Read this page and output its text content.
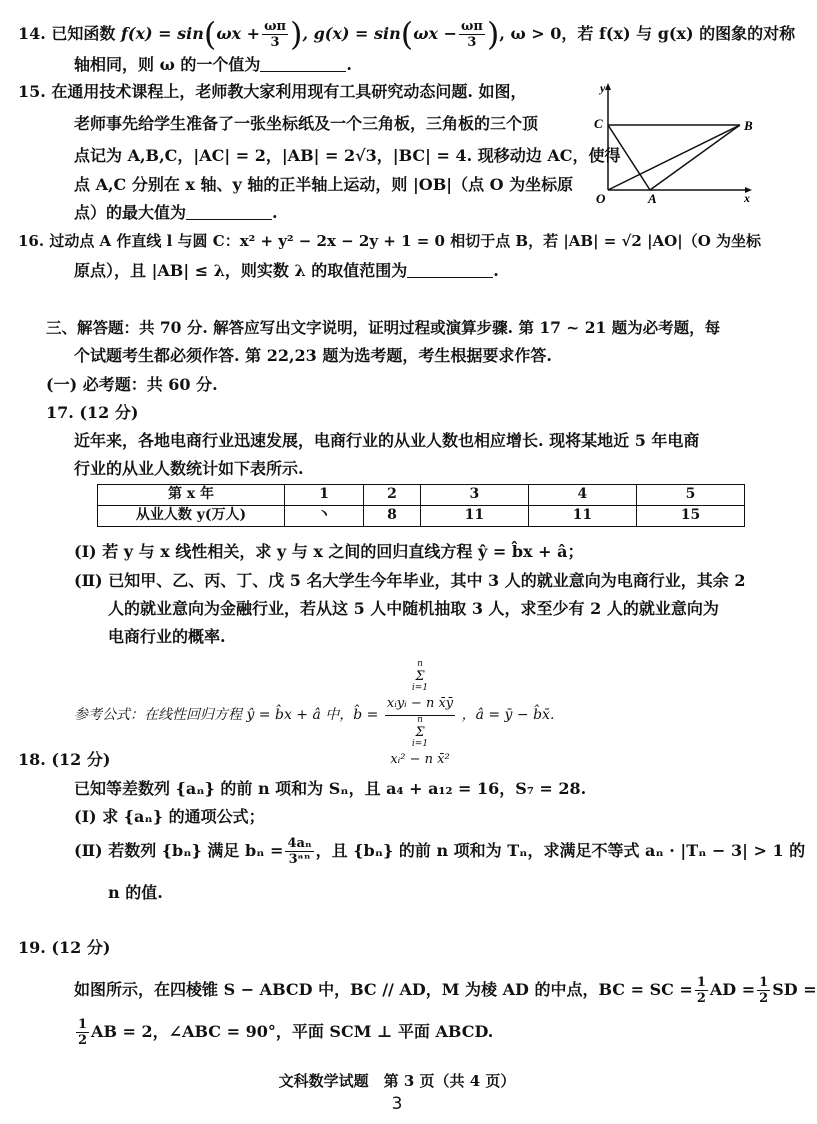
14. 已知函数 $f(x) = \sin(\omega x + \frac{\omega\pi}{3}$ ), $g(x) = \sin(\omega x - \frac{\omega\pi}{3}$ ), ω > 0，若 f(x) 与 g(x) 的图象的对称
轴相同，则 ω 的一个值为	.
15. 在通用技术课程上，老师教大家利用现有工具研究动态问题. 如图，
老师事先给学生准备了一张坐标纸及一个三角板，三角板的三个顶
点记为 A,B,C，|AC| = 2，|AB| = 2√3，|BC| = 4. 现移动边 AC，使得
点 A,C 分别在 x 轴、y 轴的正半轴上运动，则 |OB|（点 O 为坐标原
点）的最大值为	.
y
x
C	B
O	A
16. 过动点 A 作直线 l 与圆 C：x² + y² − 2x − 2y + 1 = 0 相切于点 B，若 |AB| = √2 |AO|（O 为坐标
原点），且 |AB| ≤ λ，则实数 λ 的取值范围为	.
三、解答题：共 70 分. 解答应写出文字说明，证明过程或演算步骤. 第 17 ~ 21 题为必考题，每
个试题考生都必须作答. 第 22,23 题为选考题，考生根据要求作答.
(一) 必考题：共 60 分.
17. (12 分)
近年来，各地电商行业迅速发展，电商行业的从业人数也相应增长. 现将某地近 5 年电商
行业的从业人数统计如下表所示.
第 x 年	1	2	3	4	5
从业人数 y(万人)	丶	8	11	11	15
(Ⅰ) 若 y 与 x 线性相关，求 y 与 x 之间的回归直线方程 ŷ = b̂x + â；
(Ⅱ) 已知甲、乙、丙、丁、戊 5 名大学生今年毕业，其中 3 人的就业意向为电商行业，其余 2
人的就业意向为金融行业，若从这 5 人中随机抽取 3 人，求至少有 2 人的就业意向为
电商行业的概率.
参考公式：在线性回归方程 ŷ = b̂x + â 中，b̂ = n
Σ
i=1
xᵢyᵢ − n x̄ȳ
n
Σ
i=1
xᵢ² − n x̄² ，â = ȳ − b̂x̄.
18. (12 分)
已知等差数列 {aₙ} 的前 n 项和为 Sₙ，且 a₄ + a₁₂ = 16，S₇ = 28.
(Ⅰ) 求 {aₙ} 的通项公式；
(Ⅱ) 若数列 {bₙ} 满足 $b_n = \frac{\text{4aₙ}}{\text{3ᵃⁿ}}$ ，且 {bₙ} 的前 n 项和为 Tₙ，求满足不等式 aₙ · |Tₙ − 3| > 1 的
n 的值.
19. (12 分)
如图所示，在四棱锥 S − ABCD 中，BC // AD，M 为棱 AD 的中点，BC = SC = $\frac{1}{2}$ AD = $\frac{1}{2}$ SD =
$\frac{1}{2}$ AB = 2，∠ABC = 90°，平面 SCM ⊥ 平面 ABCD.
文科数学试题　第 3 页（共 4 页）
3
